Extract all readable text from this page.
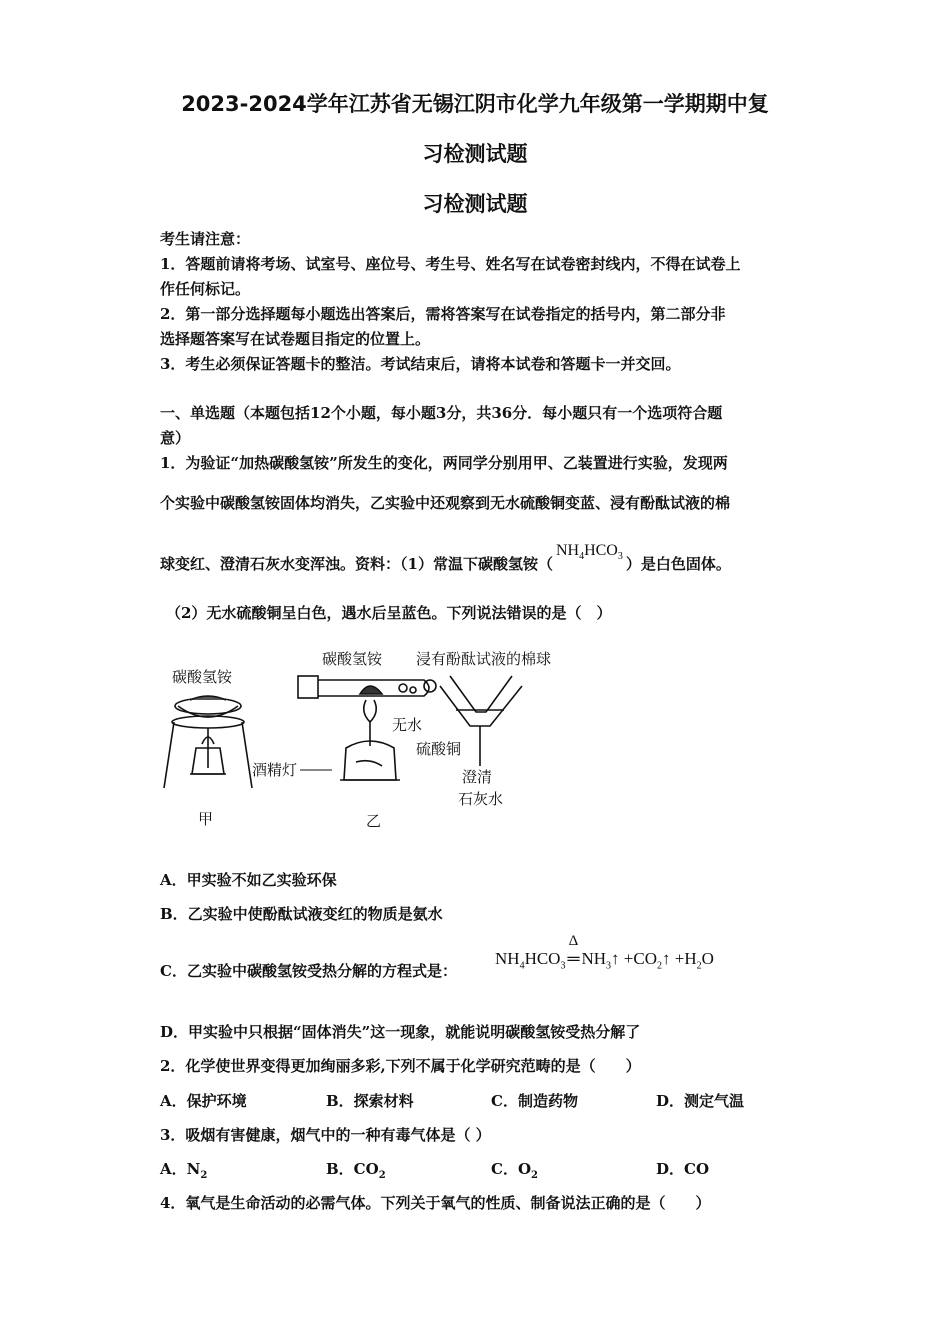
2023-2024学年江苏省无锡江阴市化学九年级第一学期期中复
习检测试题
习检测试题
考生请注意：
1．答题前请将考场、试室号、座位号、考生号、姓名写在试卷密封线内，不得在试卷上
作任何标记。
2．第一部分选择题每小题选出答案后，需将答案写在试卷指定的括号内，第二部分非
选择题答案写在试卷题目指定的位置上。
3．考生必须保证答题卡的整洁。考试结束后，请将本试卷和答题卡一并交回。
一、单选题（本题包括12个小题，每小题3分，共36分．每小题只有一个选项符合题
意）
1．为验证“加热碳酸氢铵”所发生的变化，两同学分别用甲、乙装置进行实验，发现两
个实验中碳酸氢铵固体均消失，乙实验中还观察到无水硫酸铜变蓝、浸有酚酞试液的棉
球变红、澄清石灰水变浑浊。资料：（1）常温下碳酸氢铵（$NH_4HCO_3$ ）是白色固体。
（2）无水硫酸铜呈白色，遇水后呈蓝色。下列说法错误的是（　）
碳酸氢铵
酒精灯
甲
碳酸氢铵 浸有酚酞试液的棉球
无水
硫酸铜
澄清
石灰水
乙
A．甲实验不如乙实验环保
B．乙实验中使酚酞试液变红的物质是氨水
C．乙实验中碳酸氢铵受热分解的方程式是：
$NH_4HCO_3$
Δ
═ $NH_3↑$ $+CO_2↑ +H_2O$
D．甲实验中只根据“固体消失”这一现象，就能说明碳酸氢铵受热分解了
2．化学使世界变得更加绚丽多彩,下列不属于化学研究范畴的是（　　）
A．保护环境	B．探索材料	C．制造药物	D．测定气温
3．吸烟有害健康，烟气中的一种有毒气体是（ ）
A．$N_2$	B．$CO_2$	C．$O_2$	D．CO
4．氧气是生命活动的必需气体。下列关于氧气的性质、制备说法正确的是（　　）
